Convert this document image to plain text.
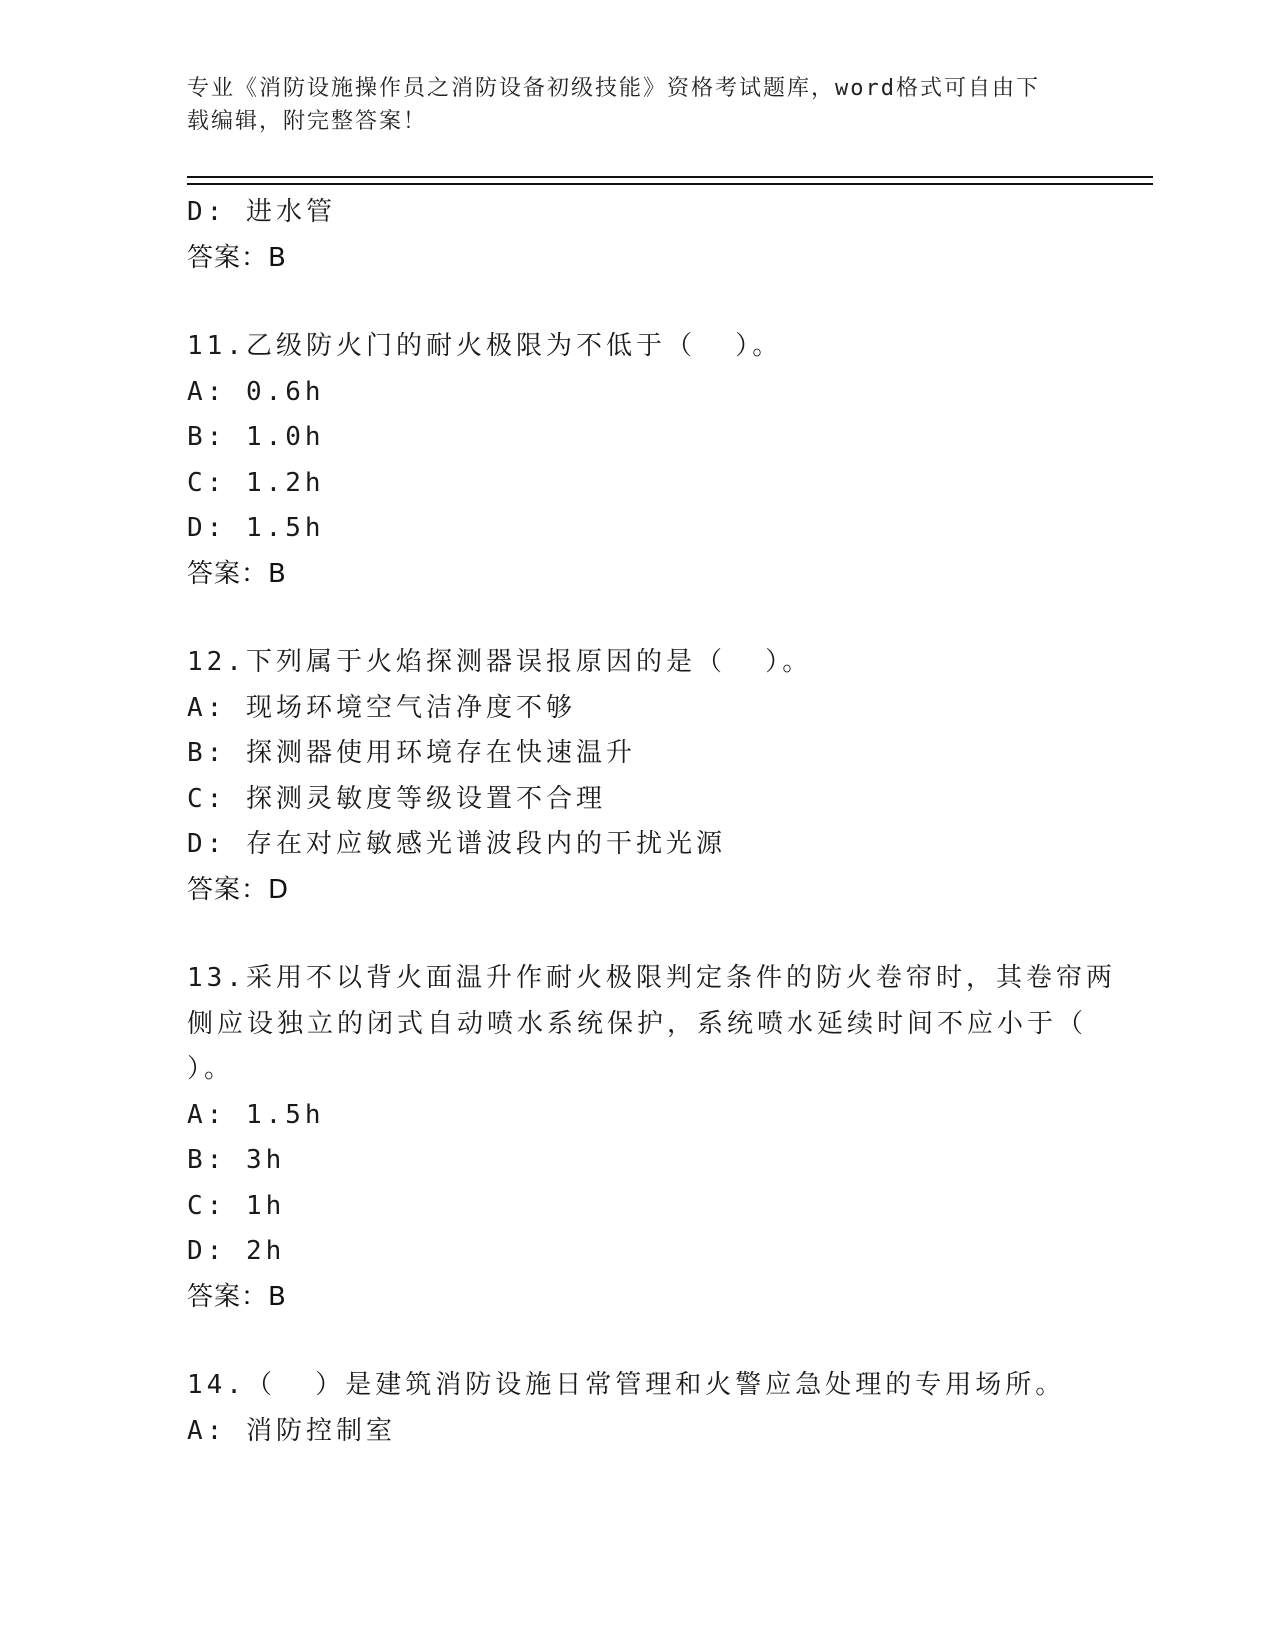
专业《消防设施操作员之消防设备初级技能》资格考试题库，word格式可自由下
载编辑，附完整答案！
D: 进水管
答案：B
11.乙级防火门的耐火极限为不低于（  ）。
A: 0.6h
B: 1.0h
C: 1.2h
D: 1.5h
答案：B
12.下列属于火焰探测器误报原因的是（  ）。
A: 现场环境空气洁净度不够
B: 探测器使用环境存在快速温升
C: 探测灵敏度等级设置不合理
D: 存在对应敏感光谱波段内的干扰光源
答案：D
13.采用不以背火面温升作耐火极限判定条件的防火卷帘时，其卷帘两
侧应设独立的闭式自动喷水系统保护，系统喷水延续时间不应小于（
）。
A: 1.5h
B: 3h
C: 1h
D: 2h
答案：B
14.（  ）是建筑消防设施日常管理和火警应急处理的专用场所。
A: 消防控制室
